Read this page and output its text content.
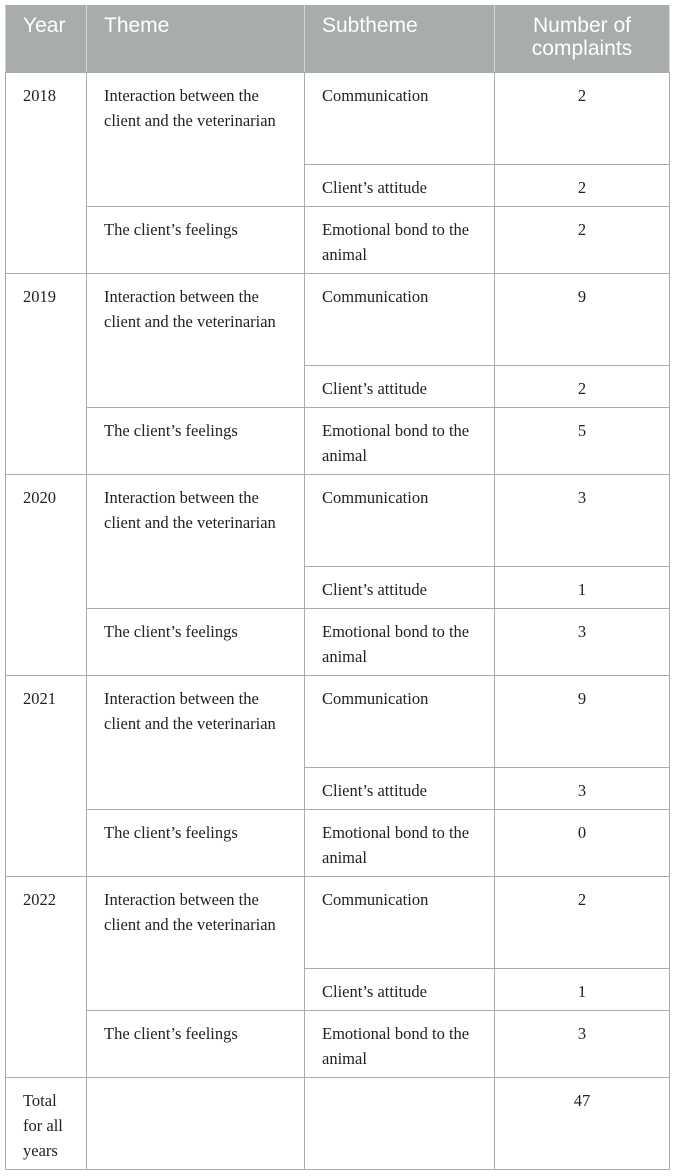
Year	Theme	Subtheme	Number of complaints
2018	Interaction between the client and the veterinarian	Communication	2
		Client’s attitude	2
	The client’s feelings	Emotional bond to the animal	2
2019	Interaction between the client and the veterinarian	Communication	9
		Client’s attitude	2
	The client’s feelings	Emotional bond to the animal	5
2020	Interaction between the client and the veterinarian	Communication	3
		Client’s attitude	1
	The client’s feelings	Emotional bond to the animal	3
2021	Interaction between the client and the veterinarian	Communication	9
		Client’s attitude	3
	The client’s feelings	Emotional bond to the animal	0
2022	Interaction between the client and the veterinarian	Communication	2
		Client’s attitude	1
	The client’s feelings	Emotional bond to the animal	3
Total for all years			47
